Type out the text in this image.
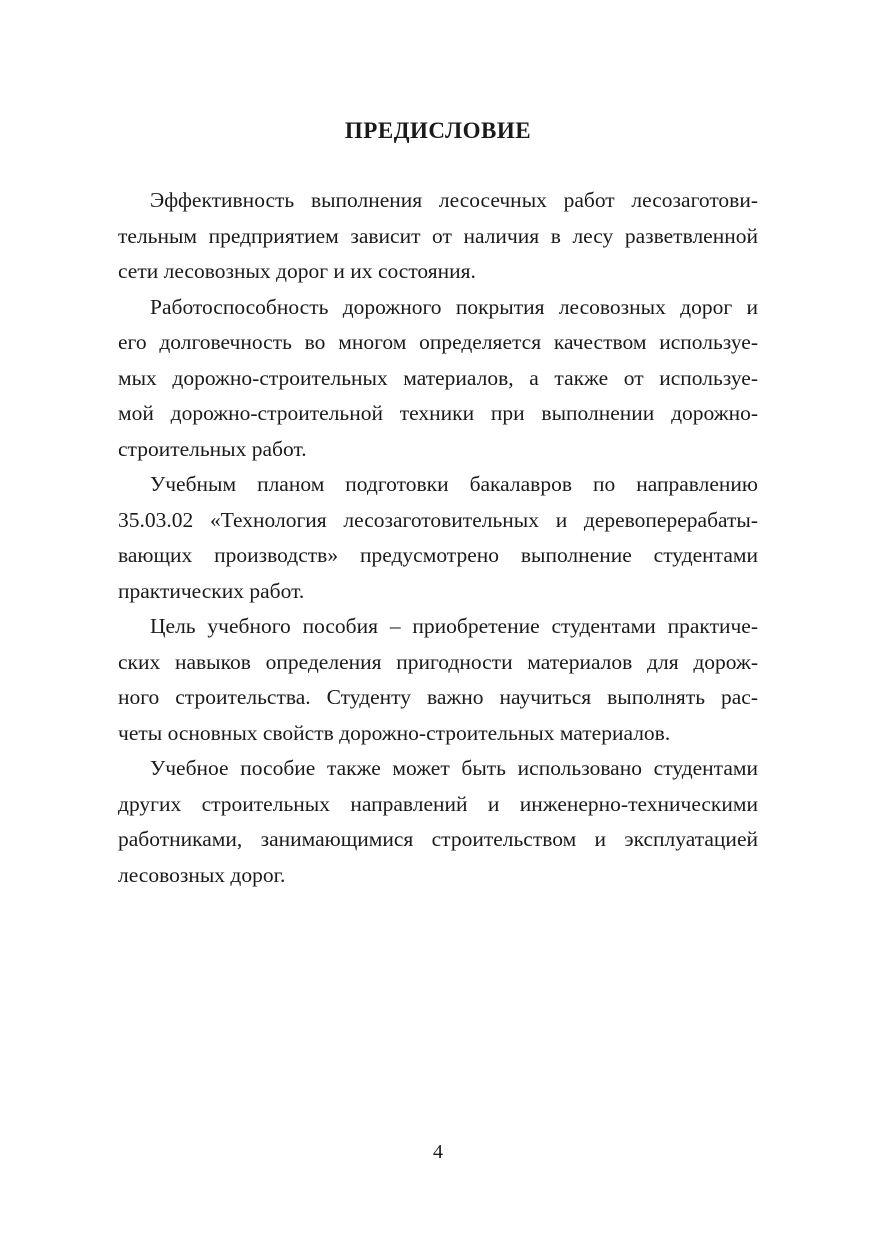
ПРЕДИСЛОВИЕ

Эффективность выполнения лесосечных работ лесозаготови-
тельным предприятием зависит от наличия в лесу разветвленной
сети лесовозных дорог и их состояния.

Работоспособность дорожного покрытия лесовозных дорог и
его долговечность во многом определяется качеством используе-
мых дорожно-строительных материалов, а также от используе-
мой дорожно-строительной техники при выполнении дорожно-
строительных работ.

Учебным планом подготовки бакалавров по направлению
35.03.02 «Технология лесозаготовительных и деревоперерабаты-
вающих производств» предусмотрено выполнение студентами
практических работ.

Цель учебного пособия – приобретение студентами практиче-
ских навыков определения пригодности материалов для дорож-
ного строительства. Студенту важно научиться выполнять рас-
четы основных свойств дорожно-строительных материалов.

Учебное пособие также может быть использовано студентами
других строительных направлений и инженерно-техническими
работниками, занимающимися строительством и эксплуатацией
лесовозных дорог.

4
